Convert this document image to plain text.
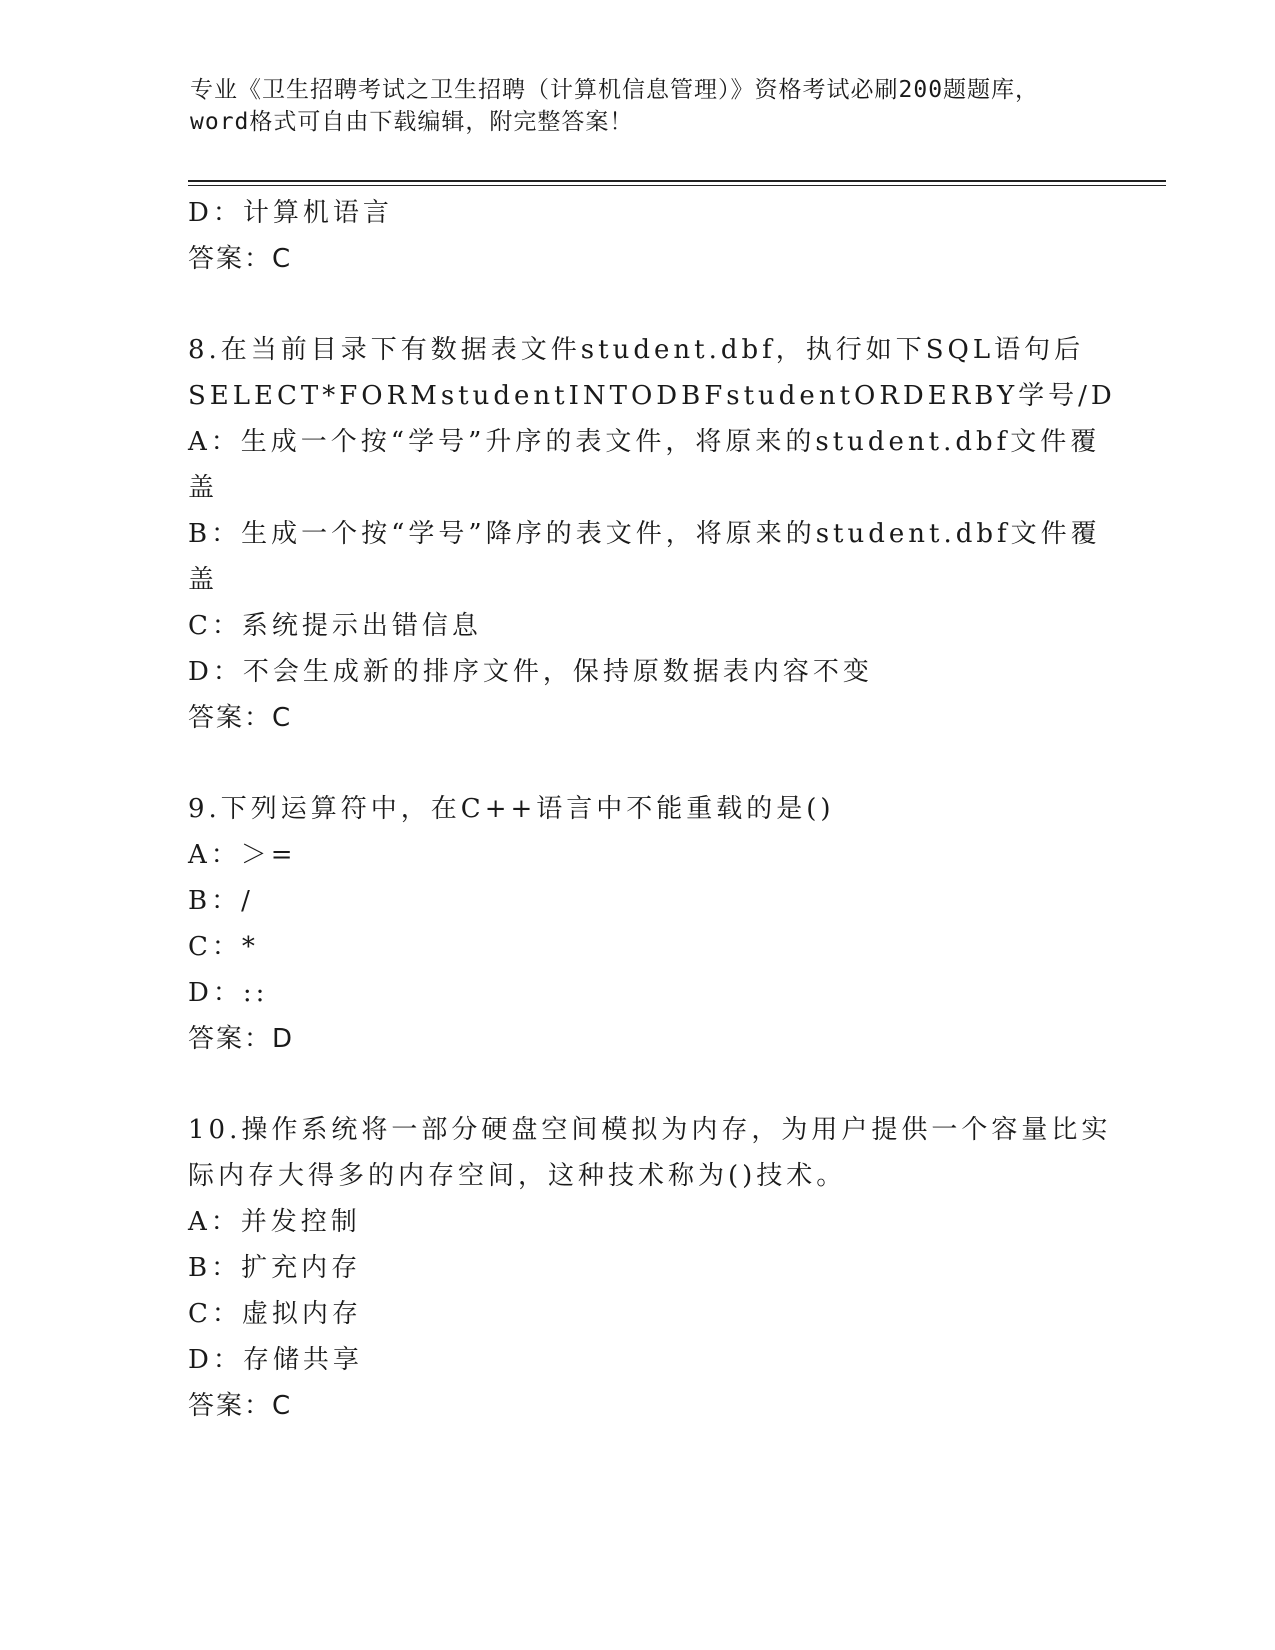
专业《卫生招聘考试之卫生招聘（计算机信息管理）》资格考试必刷200题题库，
word格式可自由下载编辑，附完整答案！
D：计算机语言
答案：C
8.在当前目录下有数据表文件student.dbf，执行如下SQL语句后
SELECT*FORMstudentINTODBFstudentORDERBY学号/D
A：生成一个按“学号”升序的表文件，将原来的student.dbf文件覆
盖
B：生成一个按“学号”降序的表文件，将原来的student.dbf文件覆
盖
C：系统提示出错信息
D：不会生成新的排序文件，保持原数据表内容不变
答案：C
9.下列运算符中，在C++语言中不能重载的是()
A：＞=
B：/
C：*
D：::
答案：D
10.操作系统将一部分硬盘空间模拟为内存，为用户提供一个容量比实
际内存大得多的内存空间，这种技术称为()技术。
A：并发控制
B：扩充内存
C：虚拟内存
D：存储共享
答案：C
